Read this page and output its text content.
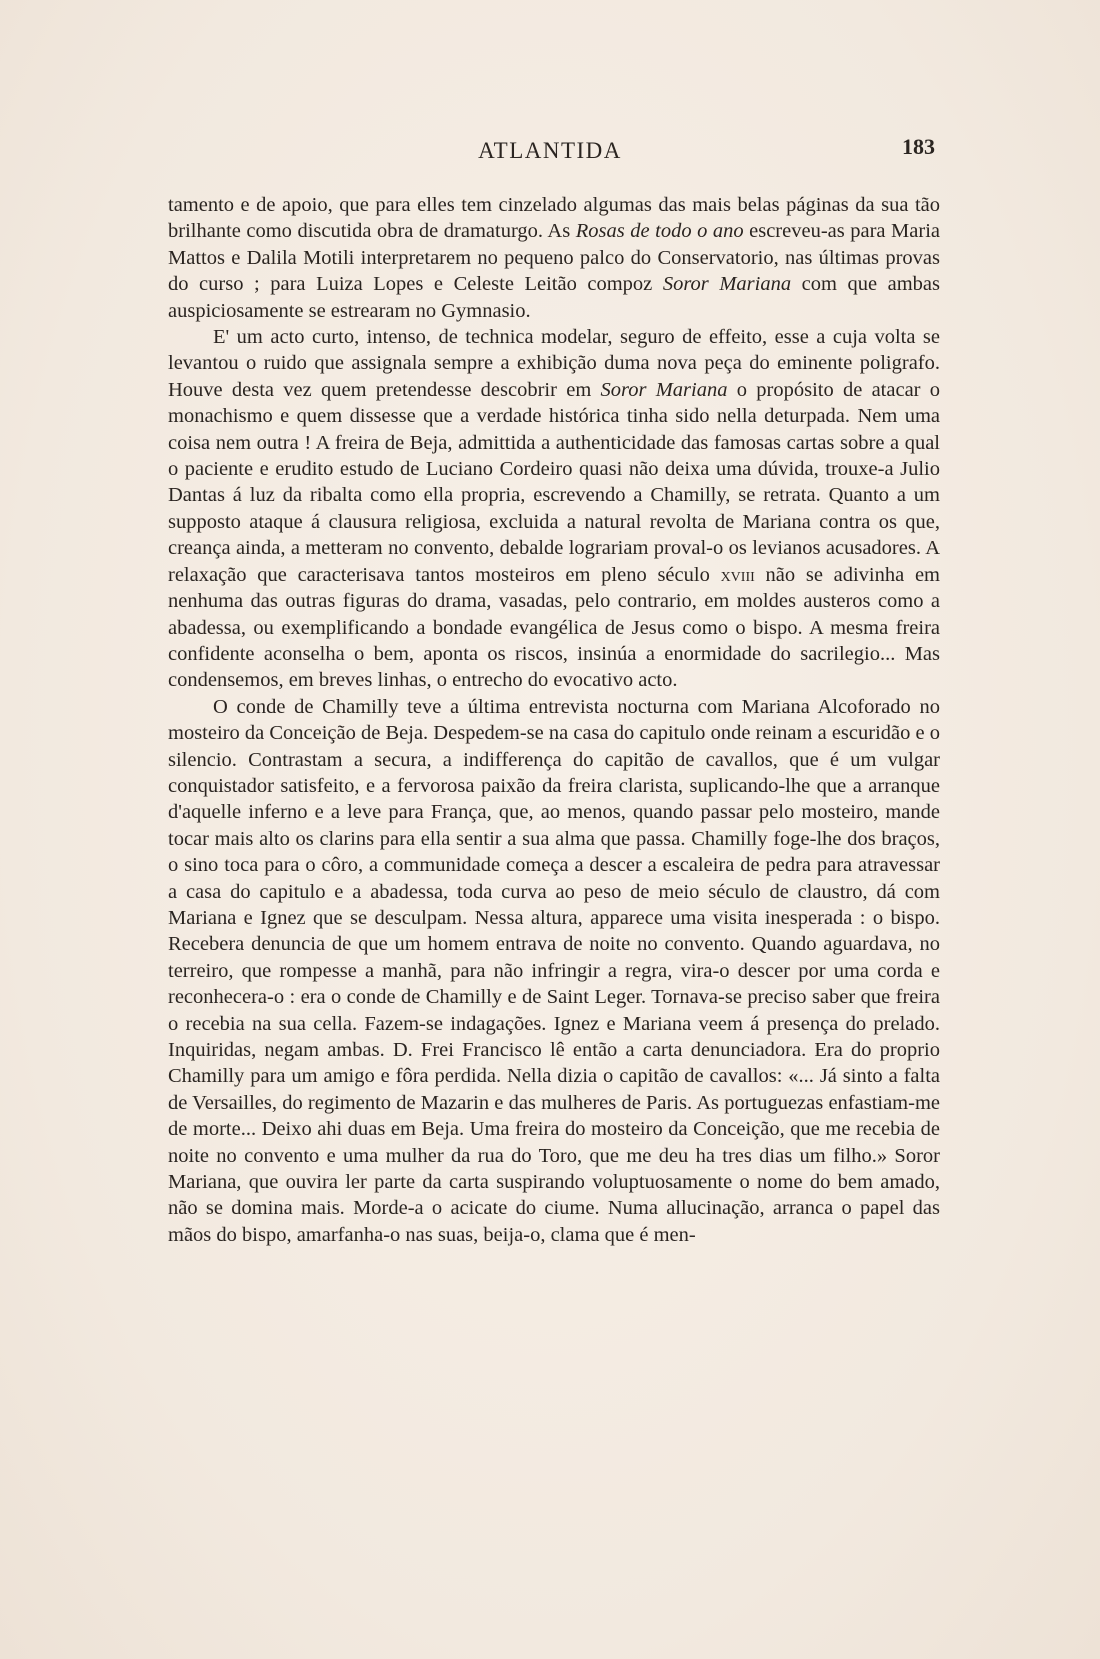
ATLANTIDA	183

tamento e de apoio, que para elles tem cinzelado algumas das mais belas páginas da sua tão brilhante como discutida obra de dramaturgo. As Rosas de todo o ano escreveu-as para Maria Mattos e Dalila Motili interpretarem no pequeno palco do Conservatorio, nas últimas provas do curso ; para Luiza Lopes e Celeste Leitão compoz Soror Mariana com que ambas auspiciosamente se estrearam no Gymnasio.

E' um acto curto, intenso, de technica modelar, seguro de effeito, esse a cuja volta se levantou o ruido que assignala sempre a exhibição duma nova peça do eminente poligrafo. Houve desta vez quem pretendesse descobrir em Soror Mariana o propósito de atacar o monachismo e quem dissesse que a verdade histórica tinha sido nella deturpada. Nem uma coisa nem outra ! A freira de Beja, admittida a authenticidade das famosas cartas sobre a qual o paciente e erudito estudo de Luciano Cordeiro quasi não deixa uma dúvida, trouxe-a Julio Dantas á luz da ribalta como ella propria, escrevendo a Chamilly, se retrata. Quanto a um supposto ataque á clausura religiosa, excluida a natural revolta de Mariana contra os que, creança ainda, a metteram no convento, debalde lograriam proval-o os levianos acusadores. A relaxação que caracterisava tantos mosteiros em pleno século xviii não se adivinha em nenhuma das outras figuras do drama, vasadas, pelo contrario, em moldes austeros como a abadessa, ou exemplificando a bondade evangélica de Jesus como o bispo. A mesma freira confidente aconselha o bem, aponta os riscos, insinúa a enormidade do sacrilegio... Mas condensemos, em breves linhas, o entrecho do evocativo acto.

O conde de Chamilly teve a última entrevista nocturna com Mariana Alcoforado no mosteiro da Conceição de Beja. Despedem-se na casa do capitulo onde reinam a escuridão e o silencio. Contrastam a secura, a indifferença do capitão de cavallos, que é um vulgar conquistador satisfeito, e a fervorosa paixão da freira clarista, suplicando-lhe que a arranque d'aquelle inferno e a leve para França, que, ao menos, quando passar pelo mosteiro, mande tocar mais alto os clarins para ella sentir a sua alma que passa. Chamilly foge-lhe dos braços, o sino toca para o côro, a communidade começa a descer a escaleira de pedra para atravessar a casa do capitulo e a abadessa, toda curva ao peso de meio século de claustro, dá com Mariana e Ignez que se desculpam. Nessa altura, apparece uma visita inesperada : o bispo. Recebera denuncia de que um homem entrava de noite no convento. Quando aguardava, no terreiro, que rompesse a manhã, para não infringir a regra, vira-o descer por uma corda e reconhecera-o : era o conde de Chamilly e de Saint Leger. Tornava-se preciso saber que freira o recebia na sua cella. Fazem-se indagações. Ignez e Mariana veem á presença do prelado. Inquiridas, negam ambas. D. Frei Francisco lê então a carta denunciadora. Era do proprio Chamilly para um amigo e fôra perdida. Nella dizia o capitão de cavallos: «... Já sinto a falta de Versailles, do regimento de Mazarin e das mulheres de Paris. As portuguezas enfastiam-me de morte... Deixo ahi duas em Beja. Uma freira do mosteiro da Conceição, que me recebia de noite no convento e uma mulher da rua do Toro, que me deu ha tres dias um filho.» Soror Mariana, que ouvira ler parte da carta suspirando voluptuosamente o nome do bem amado, não se domina mais. Morde-a o acicate do ciume. Numa allucinação, arranca o papel das mãos do bispo, amarfanha-o nas suas, beija-o, clama que é men-
